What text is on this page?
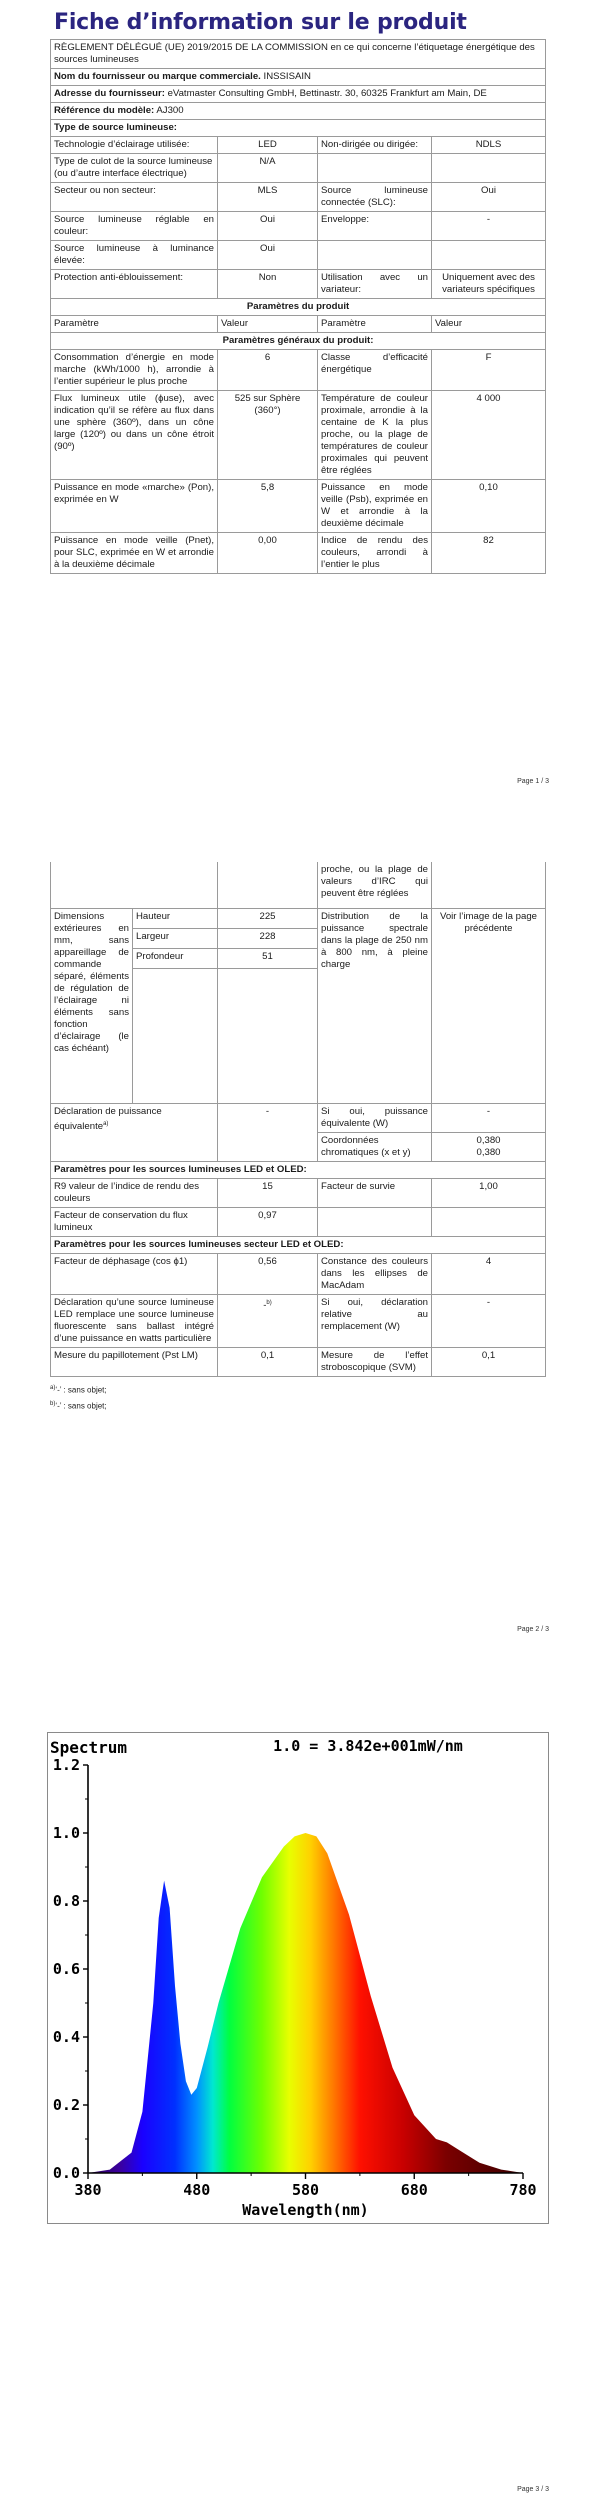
Fiche d’information sur le produit
RÈGLEMENT DÉLÉGUÉ (UE) 2019/2015 DE LA COMMISSION en ce qui concerne l’étiquetage énergétique des sources lumineuses			
Nom du fournisseur ou marque commerciale. INSSISAIN			
Adresse du fournisseur: eVatmaster Consulting GmbH, Bettinastr. 30, 60325 Frankfurt am Main, DE			
Référence du modèle: AJ300			
Type de source lumineuse:			
Technologie d’éclairage utilisée:	LED	Non-dirigée ou dirigée:	NDLS
Type de culot de la source lumineuse
(ou d’autre interface électrique)	N/A		
Secteur ou non secteur:	MLS	Source lumineuse connectée (SLC):	Oui
Source lumineuse réglable en couleur:	Oui	Enveloppe:	-
Source lumineuse à luminance élevée:	Oui		
Protection anti-éblouissement:	Non	Utilisation avec un variateur:	Uniquement avec des variateurs spécifiques
Paramètres du produit			
Paramètre	Valeur	Paramètre	Valeur
Paramètres généraux du produit:			
Consommation d’énergie en mode marche (kWh/1000 h), arrondie à l’entier supérieur le plus proche	6	Classe d’efficacité énergétique	F
Flux lumineux utile (ϕuse), avec indication qu’il se réfère au flux dans une sphère (360º), dans un cône large (120º) ou dans un cône étroit (90º)	525 sur Sphère (360°)	Température de couleur proximale, arrondie à la centaine de K la plus proche, ou la plage de températures de couleur proximales qui peuvent être réglées	4 000
Puissance en mode «marche» (Pon), exprimée en W	5,8	Puissance en mode veille (Psb), exprimée en W et arrondie à la deuxième décimale	0,10
Puissance en mode veille (Pnet), pour SLC, exprimée en W et arrondie à la deuxième décimale	0,00	Indice de rendu des couleurs, arrondi à l’entier le plus	82
Page 1 / 3
			proche, ou la plage de valeurs d’IRC qui peuvent être réglées	
Dimensions extérieures en mm, sans appareillage de commande séparé, éléments de régulation de l’éclairage ni éléments sans fonction d’éclairage (le cas échéant)	Hauteur	225	Distribution de la puissance spectrale dans la plage de 250 nm à 800 nm, à pleine charge	Voir l’image de la page précédente
	Largeur	228		
	Profondeur	51		

Déclaration de puissance équivalente$^{a)}$		-	Si oui, puissance équivalente (W)	-
			Coordonnées chromatiques (x et y)	0,380
0,380

Paramètres pour les sources lumineuses LED et OLED:				
R9 valeur de l’indice de rendu des couleurs		15	Facteur de survie	1,00
Facteur de conservation du flux lumineux		0,97		
Paramètres pour les sources lumineuses secteur LED et OLED:				
Facteur de déphasage (cos ϕ1)		0,56	Constance des couleurs dans les ellipses de MacAdam	4
Déclaration qu’une source lumineuse LED remplace une source lumineuse fluorescente sans ballast intégré d’une puissance en watts particulière		-$^{b)}$	Si oui, déclaration relative au remplacement (W)	-
Mesure du papillotement (Pst LM)		0,1	Mesure de l’effet stroboscopique (SVM)	0,1
$^{a)}$‘-’ : sans objet;
$^{b)}$‘-’ : sans objet;
Page 2 / 3
0.0
0.2
0.4
0.6
0.8
1.0
1.2
380	480	580	680	780
Spectrum	1.0 = 3.842e+001mW/nm
Wavelength(nm)
Page 3 / 3
